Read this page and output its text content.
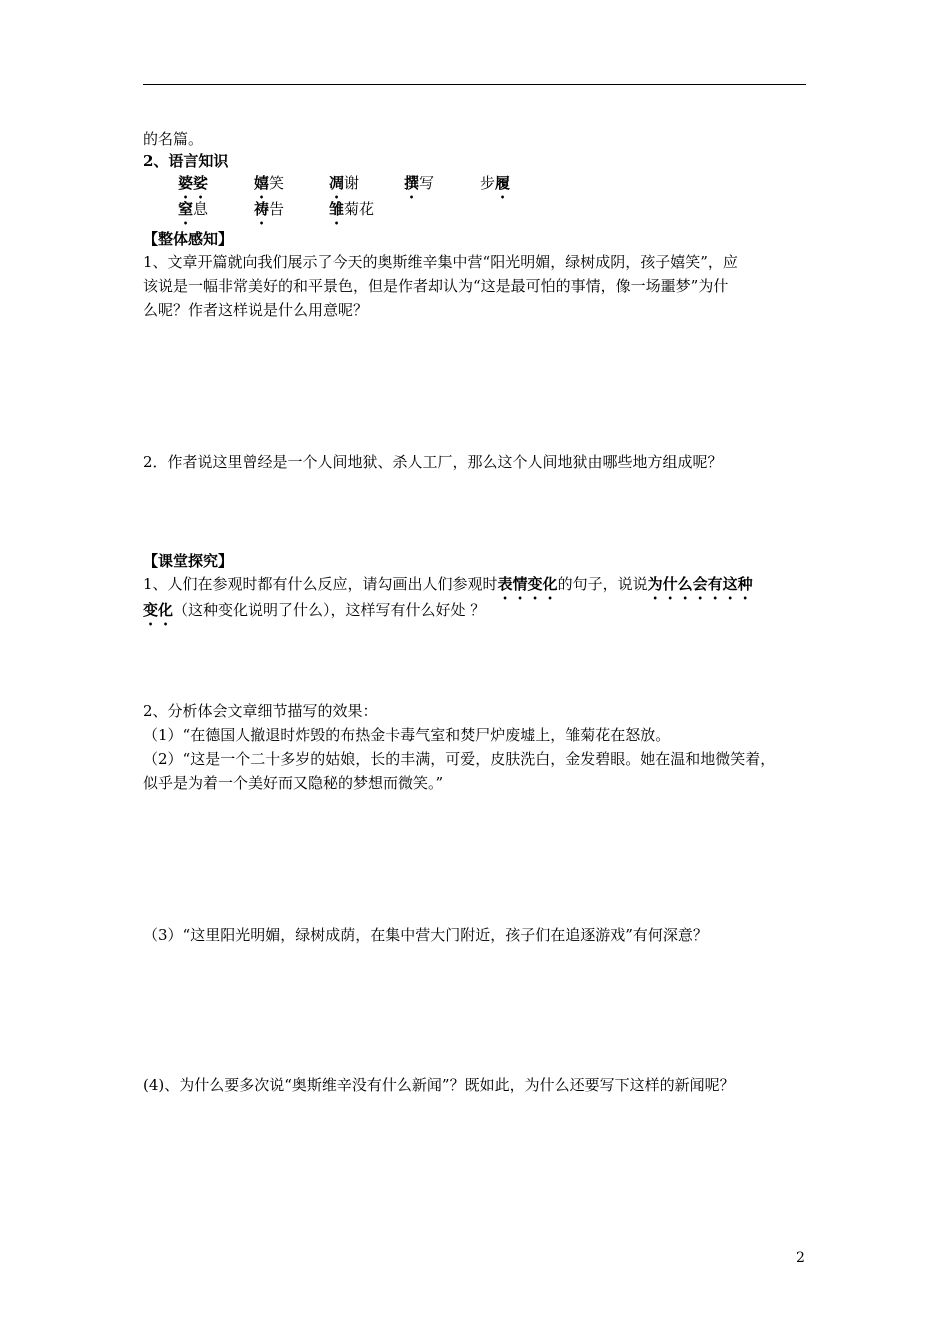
的名篇。
2、语言知识
婆娑	嬉笑	凋谢	撰写	步履
窒息	祷告	雏菊花
【整体感知】
1、文章开篇就向我们展示了今天的奥斯维辛集中营“阳光明媚，绿树成阴，孩子嬉笑”，应
该说是一幅非常美好的和平景色，但是作者却认为“这是最可怕的事情，像一场噩梦”为什
么呢？作者这样说是什么用意呢？
2．作者说这里曾经是一个人间地狱、杀人工厂，那么这个人间地狱由哪些地方组成呢？
【课堂探究】
1、人们在参观时都有什么反应，请勾画出人们参观时表情变化的句子，说说为什么会有这种
变化（这种变化说明了什么），这样写有什么好处 ？
2、分析体会文章细节描写的效果：
（1）“在德国人撤退时炸毁的布热金卡毒气室和焚尸炉废墟上，雏菊花在怒放。
（2）“这是一个二十多岁的姑娘，长的丰满，可爱，皮肤洗白，金发碧眼。她在温和地微笑着，
似乎是为着一个美好而又隐秘的梦想而微笑。”
（3）“这里阳光明媚，绿树成荫，在集中营大门附近，孩子们在追逐游戏”有何深意？
(4)、为什么要多次说“奥斯维辛没有什么新闻”？既如此，为什么还要写下这样的新闻呢？
2
